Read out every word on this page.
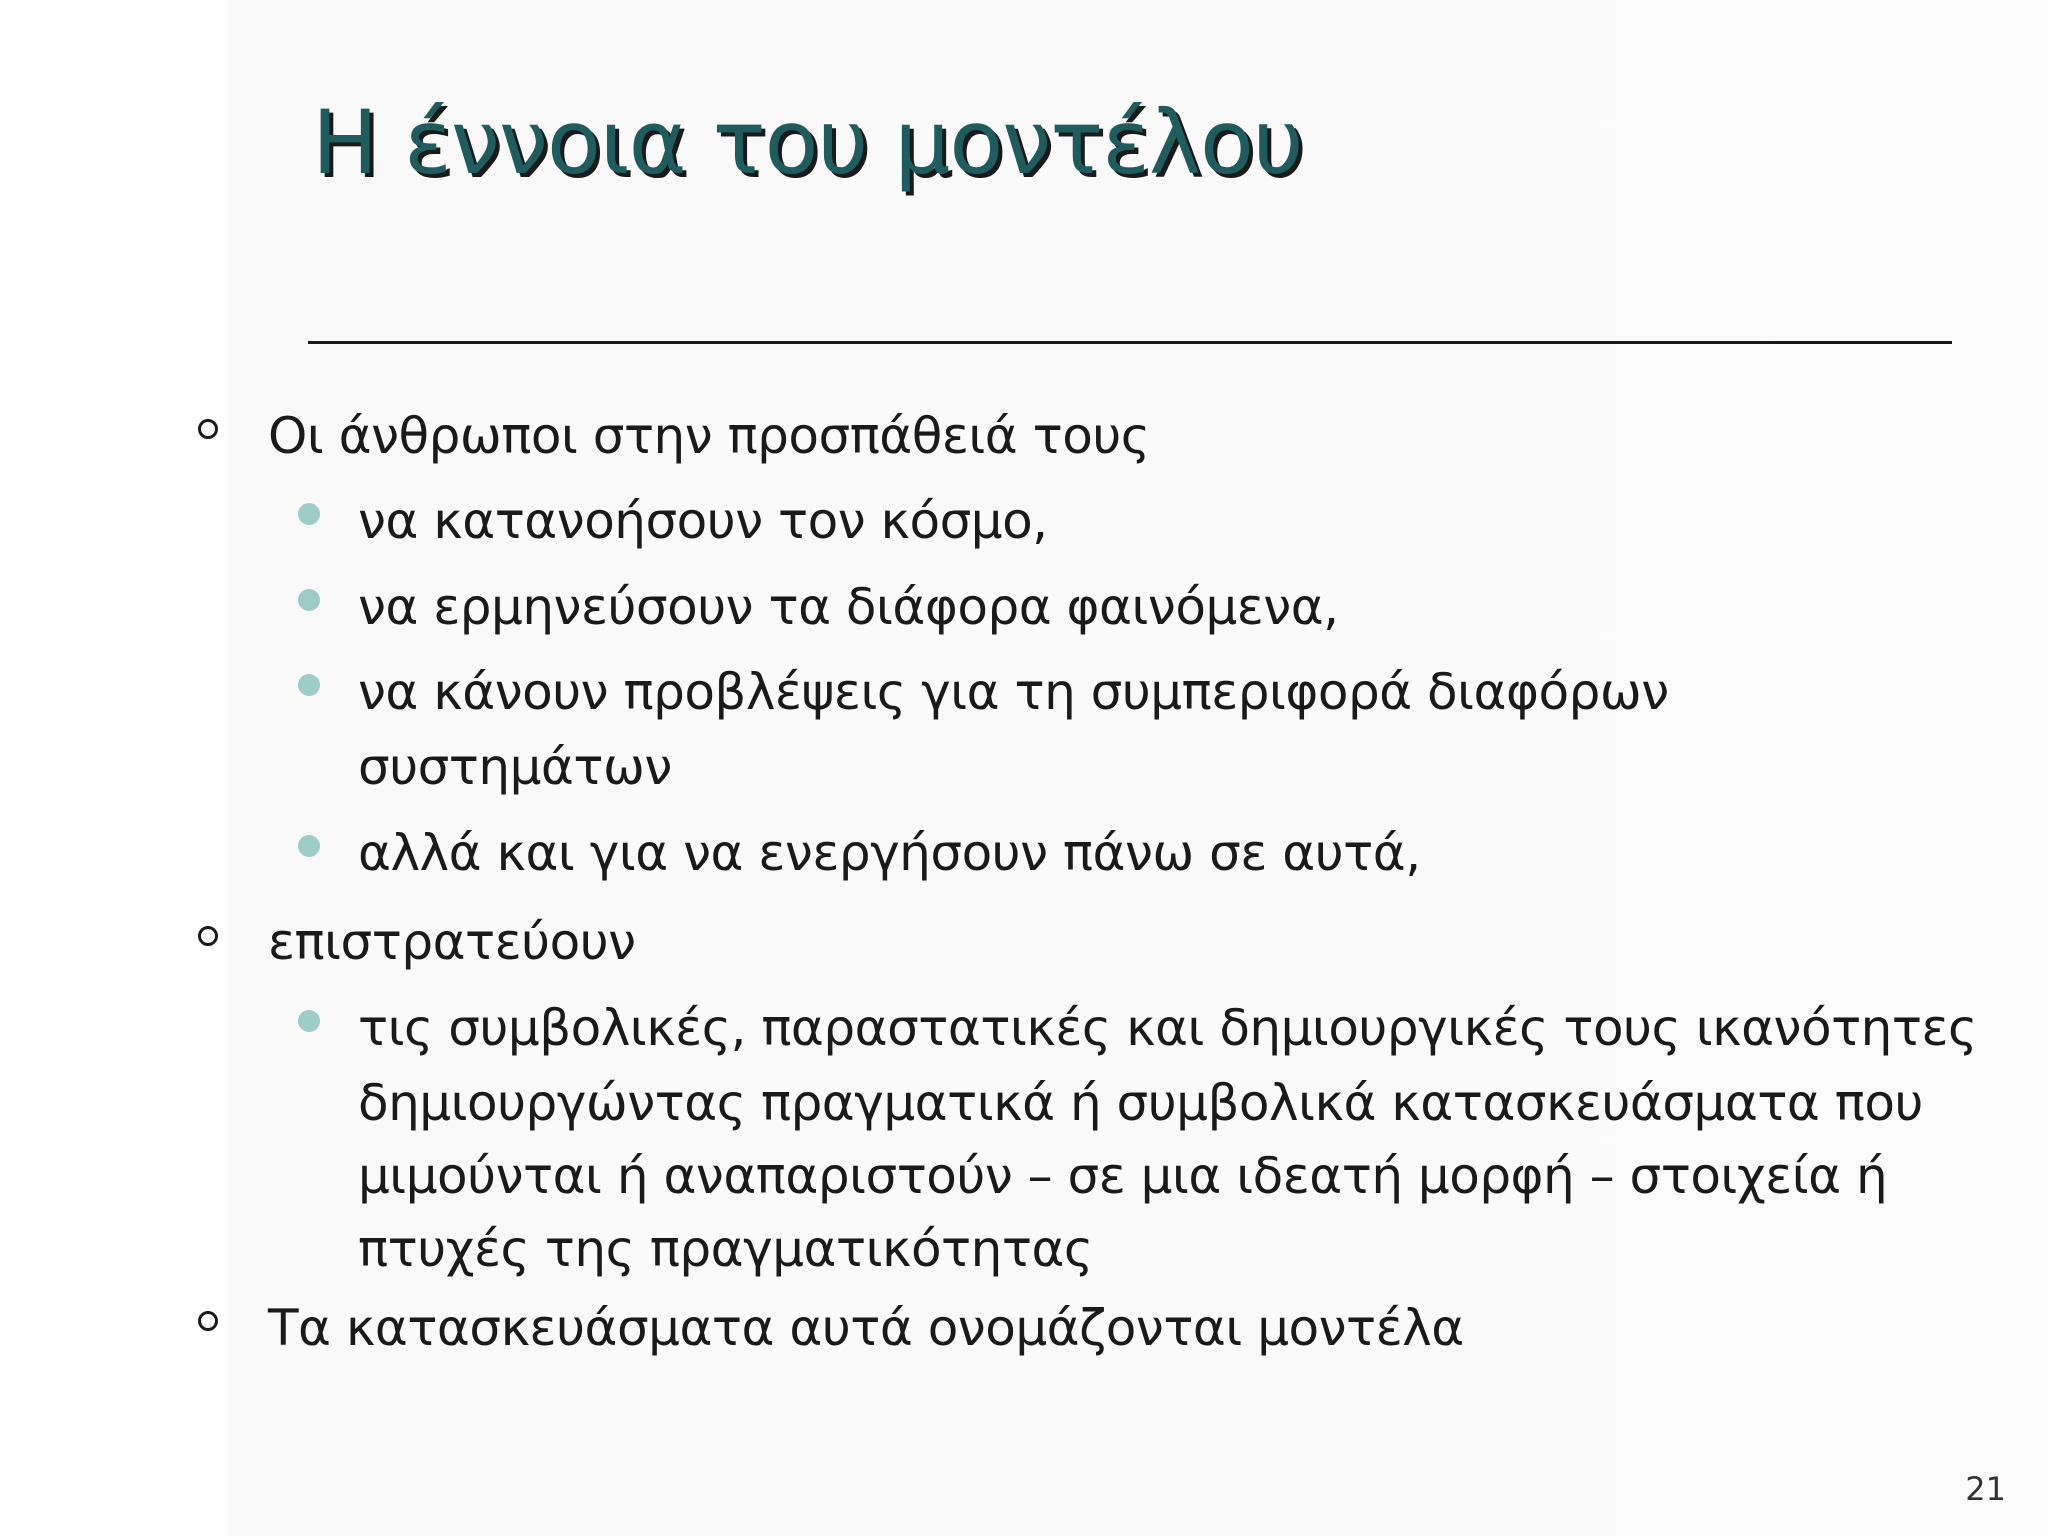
Η έννοια του μοντέλου
Οι άνθρωποι στην προσπάθειά τους
να κατανοήσουν τον κόσμο,
να ερμηνεύσουν τα διάφορα φαινόμενα,
να κάνουν προβλέψεις για τη συμπεριφορά διαφόρων
συστημάτων
αλλά και για να ενεργήσουν πάνω σε αυτά,
επιστρατεύουν
τις συμβολικές, παραστατικές και δημιουργικές τους ικανότητες
δημιουργώντας πραγματικά ή συμβολικά κατασκευάσματα που
μιμούνται ή αναπαριστούν – σε μια ιδεατή μορφή – στοιχεία ή
πτυχές της πραγματικότητας
Τα κατασκευάσματα αυτά ονομάζονται μοντέλα
21
